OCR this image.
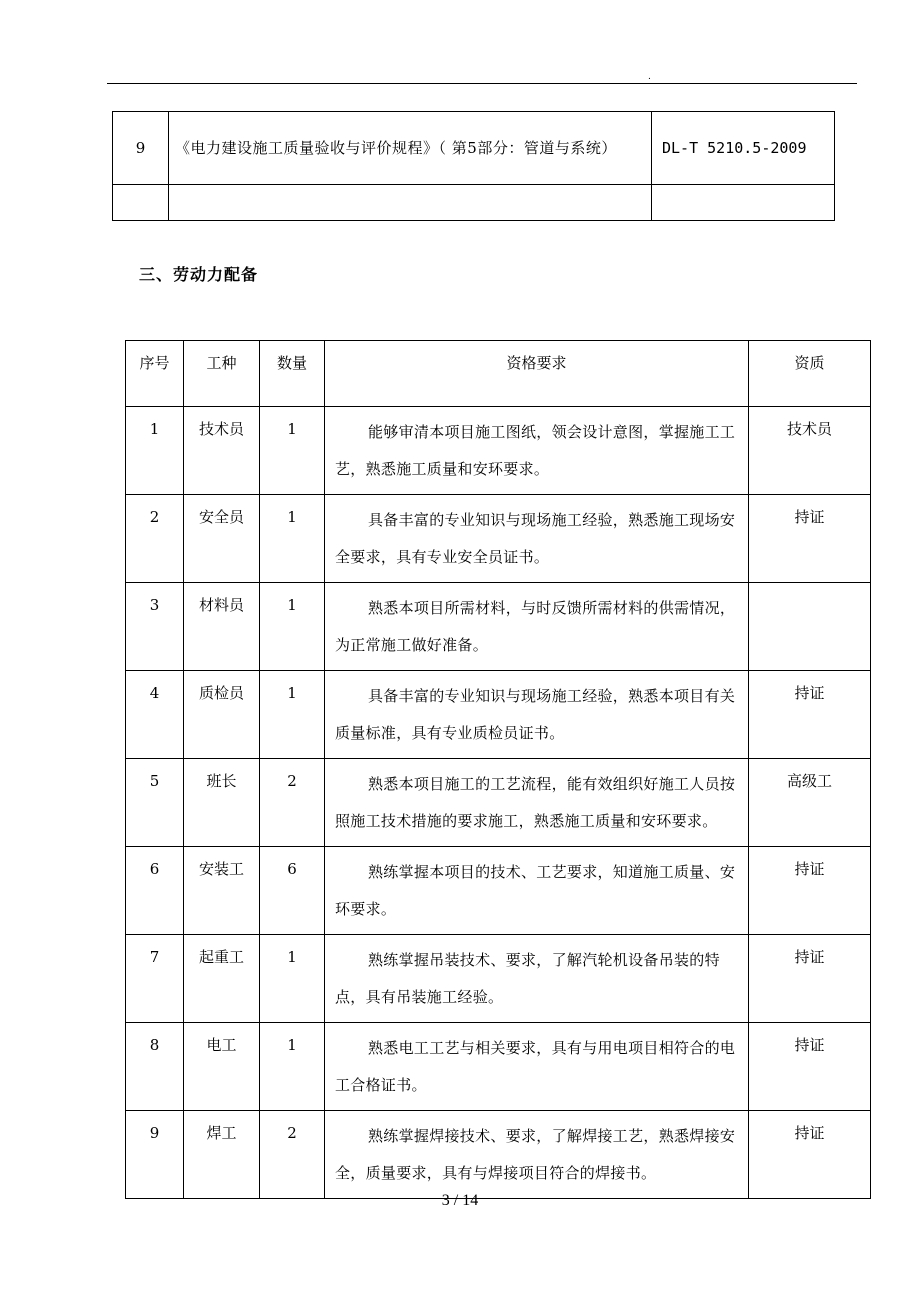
.
9	《电力建设施工质量验收与评价规程》（ 第5部分：管道与系统）	DL-T 5210.5-2009

三、劳动力配备
序号	工种	数量	资格要求	资质
1	技术员	1	能够审清本项目施工图纸，领会设计意图，掌握施工工艺，熟悉施工质量和安环要求。	技术员
2	安全员	1	具备丰富的专业知识与现场施工经验，熟悉施工现场安全要求，具有专业安全员证书。	持证
3	材料员	1	熟悉本项目所需材料，与时反馈所需材料的供需情况，为正常施工做好准备。	
4	质检员	1	具备丰富的专业知识与现场施工经验，熟悉本项目有关质量标准，具有专业质检员证书。	持证
5	班长	2	熟悉本项目施工的工艺流程，能有效组织好施工人员按照施工技术措施的要求施工，熟悉施工质量和安环要求。	高级工
6	安装工	6	熟练掌握本项目的技术、工艺要求，知道施工质量、安环要求。	持证
7	起重工	1	熟练掌握吊装技术、要求，了解汽轮机设备吊装的特点，具有吊装施工经验。	持证
8	电工	1	熟悉电工工艺与相关要求，具有与用电项目相符合的电工合格证书。	持证
9	焊工	2	熟练掌握焊接技术、要求，了解焊接工艺，熟悉焊接安全，质量要求，具有与焊接项目符合的焊接书。	持证
3 / 14
